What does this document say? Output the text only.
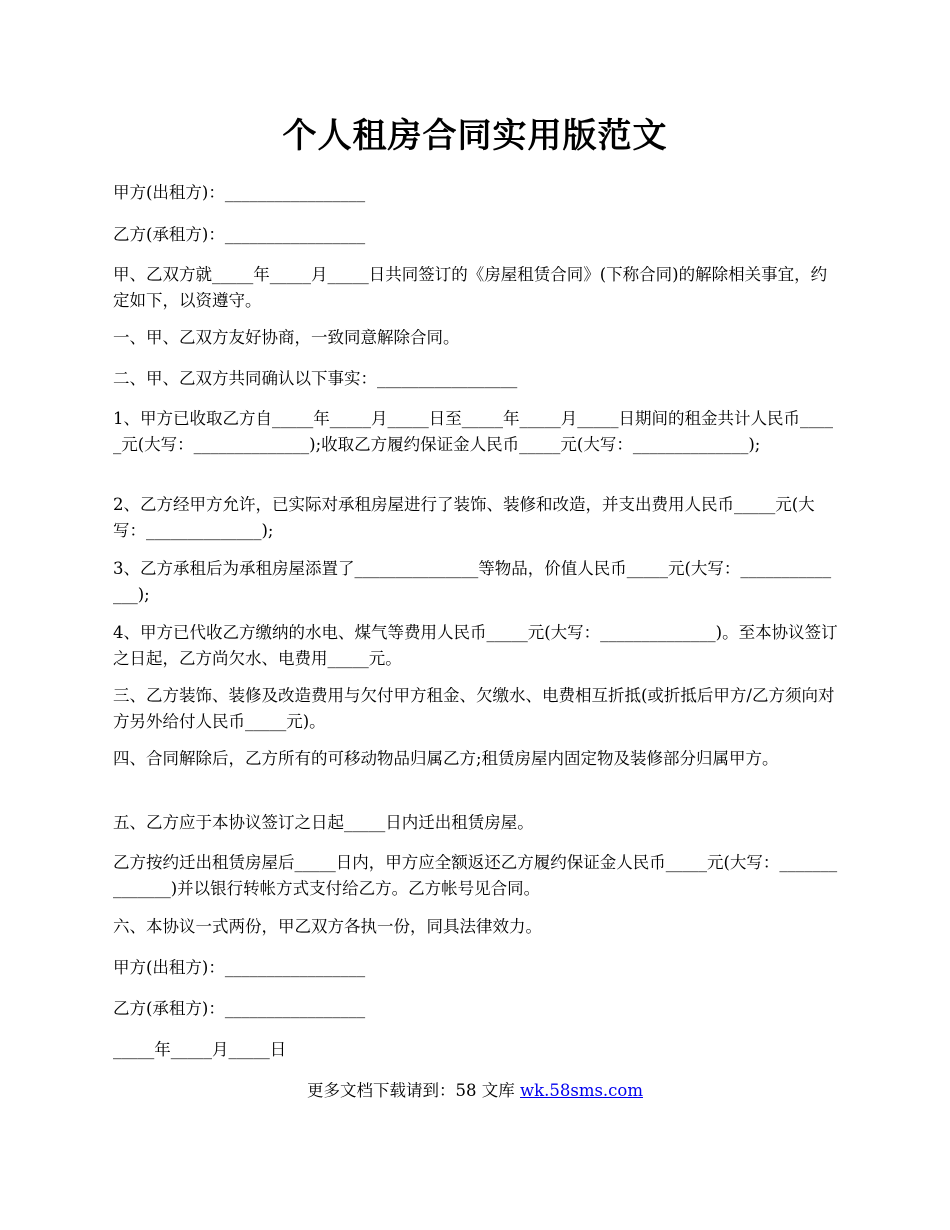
个人租房合同实用版范文

甲方(出租方)：_________________

乙方(承租方)：_________________

甲、乙双方就_____年_____月_____日共同签订的《房屋租赁合同》(下称合同)的解除相关事宜，约定如下，以资遵守。

一、甲、乙双方友好协商，一致同意解除合同。

二、甲、乙双方共同确认以下事实：_________________

1、甲方已收取乙方自_____年_____月_____日至_____年_____月_____日期间的租金共计人民币_____元(大写：______________);收取乙方履约保证金人民币_____元(大写：______________);

2、乙方经甲方允许，已实际对承租房屋进行了装饰、装修和改造，并支出费用人民币_____元(大写：______________);

3、乙方承租后为承租房屋添置了_______________等物品，价值人民币_____元(大写：______________);

4、甲方已代收乙方缴纳的水电、煤气等费用人民币_____元(大写：______________)。至本协议签订之日起，乙方尚欠水、电费用_____元。

三、乙方装饰、装修及改造费用与欠付甲方租金、欠缴水、电费相互折抵(或折抵后甲方/乙方须向对方另外给付人民币_____元)。

四、合同解除后，乙方所有的可移动物品归属乙方;租赁房屋内固定物及装修部分归属甲方。

五、乙方应于本协议签订之日起_____日内迁出租赁房屋。

乙方按约迁出租赁房屋后_____日内，甲方应全额返还乙方履约保证金人民币_____元(大写：______________)并以银行转帐方式支付给乙方。乙方帐号见合同。

六、本协议一式两份，甲乙双方各执一份，同具法律效力。

甲方(出租方)：_________________

乙方(承租方)：_________________

_____年_____月_____日

更多文档下载请到：58 文库 wk.58sms.com
